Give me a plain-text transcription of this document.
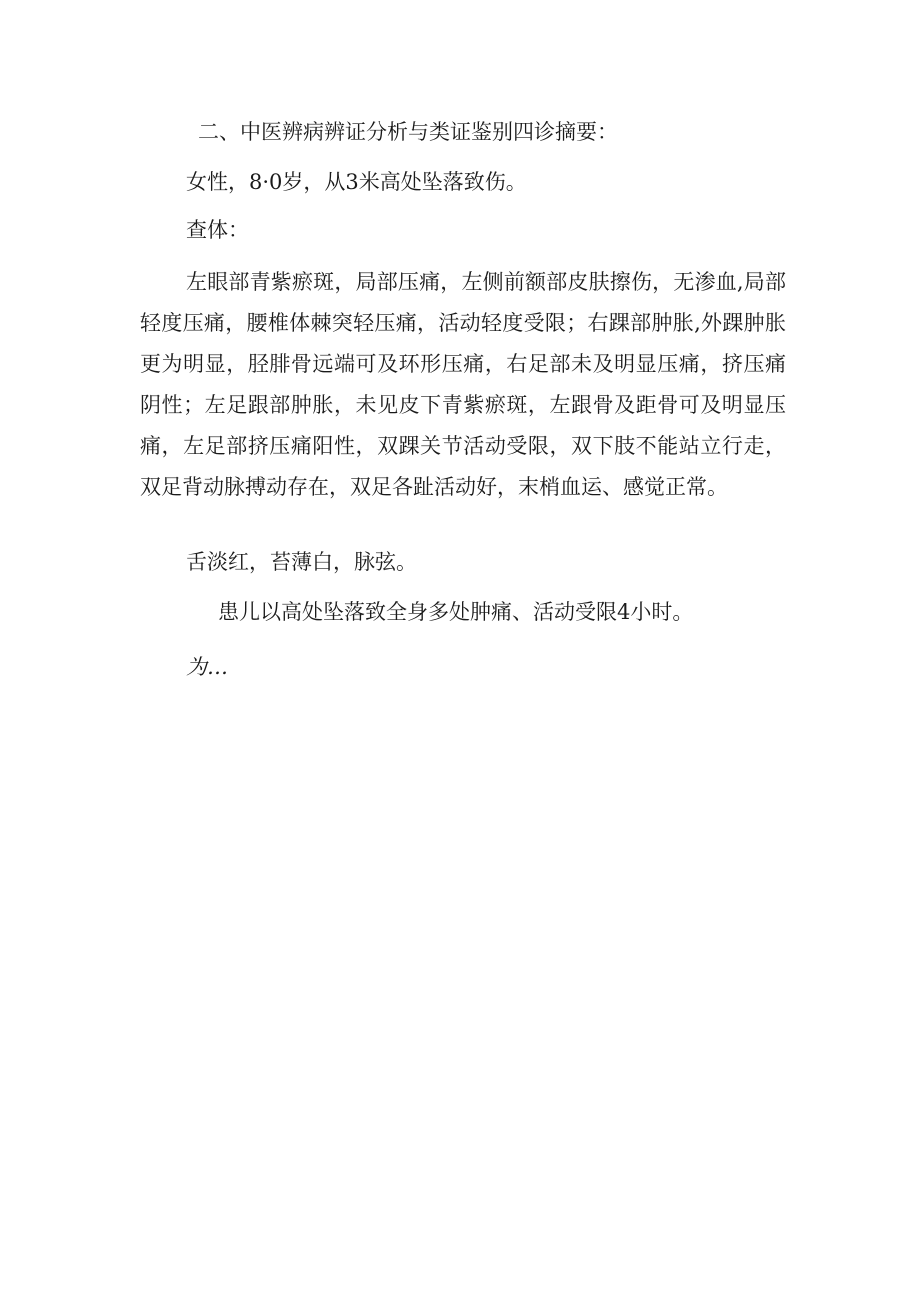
二、中医辨病辨证分析与类证鉴别四诊摘要：
女性，8·0岁，从3米高处坠落致伤。
查体：
左眼部青紫瘀斑，局部压痛，左侧前额部皮肤擦伤，无渗血,局部轻度压痛，腰椎体棘突轻压痛，活动轻度受限；右踝部肿胀,外踝肿胀更为明显，胫腓骨远端可及环形压痛，右足部未及明显压痛，挤压痛阴性；左足跟部肿胀，未见皮下青紫瘀斑，左跟骨及距骨可及明显压痛，左足部挤压痛阳性，双踝关节活动受限，双下肢不能站立行走，双足背动脉搏动存在，双足各趾活动好，末梢血运、感觉正常。
舌淡红，苔薄白，脉弦。
患儿以高处坠落致全身多处肿痛、活动受限4小时。
为…
